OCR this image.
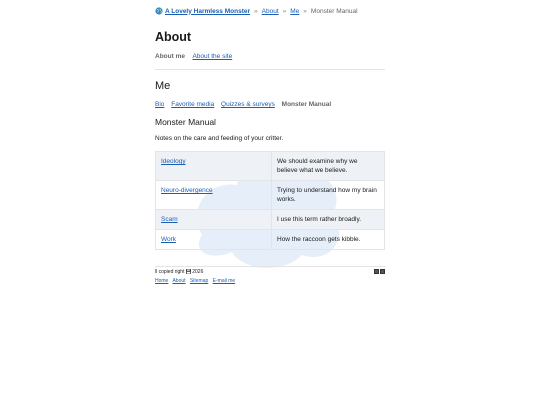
A Lovely Harmless Monster » About » Me » Monster Manual
About
About me About the site
Me
Bio Favorite media Quizzes & surveys Monster Manual
Monster Manual

Notes on the care and feeding of your critter.

Ideology	We should examine why we believe what we believe.
Neuro-divergence	Trying to understand how my brain works.
Scam	I use this term rather broadly.
Work	How the raccoon gets kibble.
ll copied right 2026
Home About Sitemap E-mail me
